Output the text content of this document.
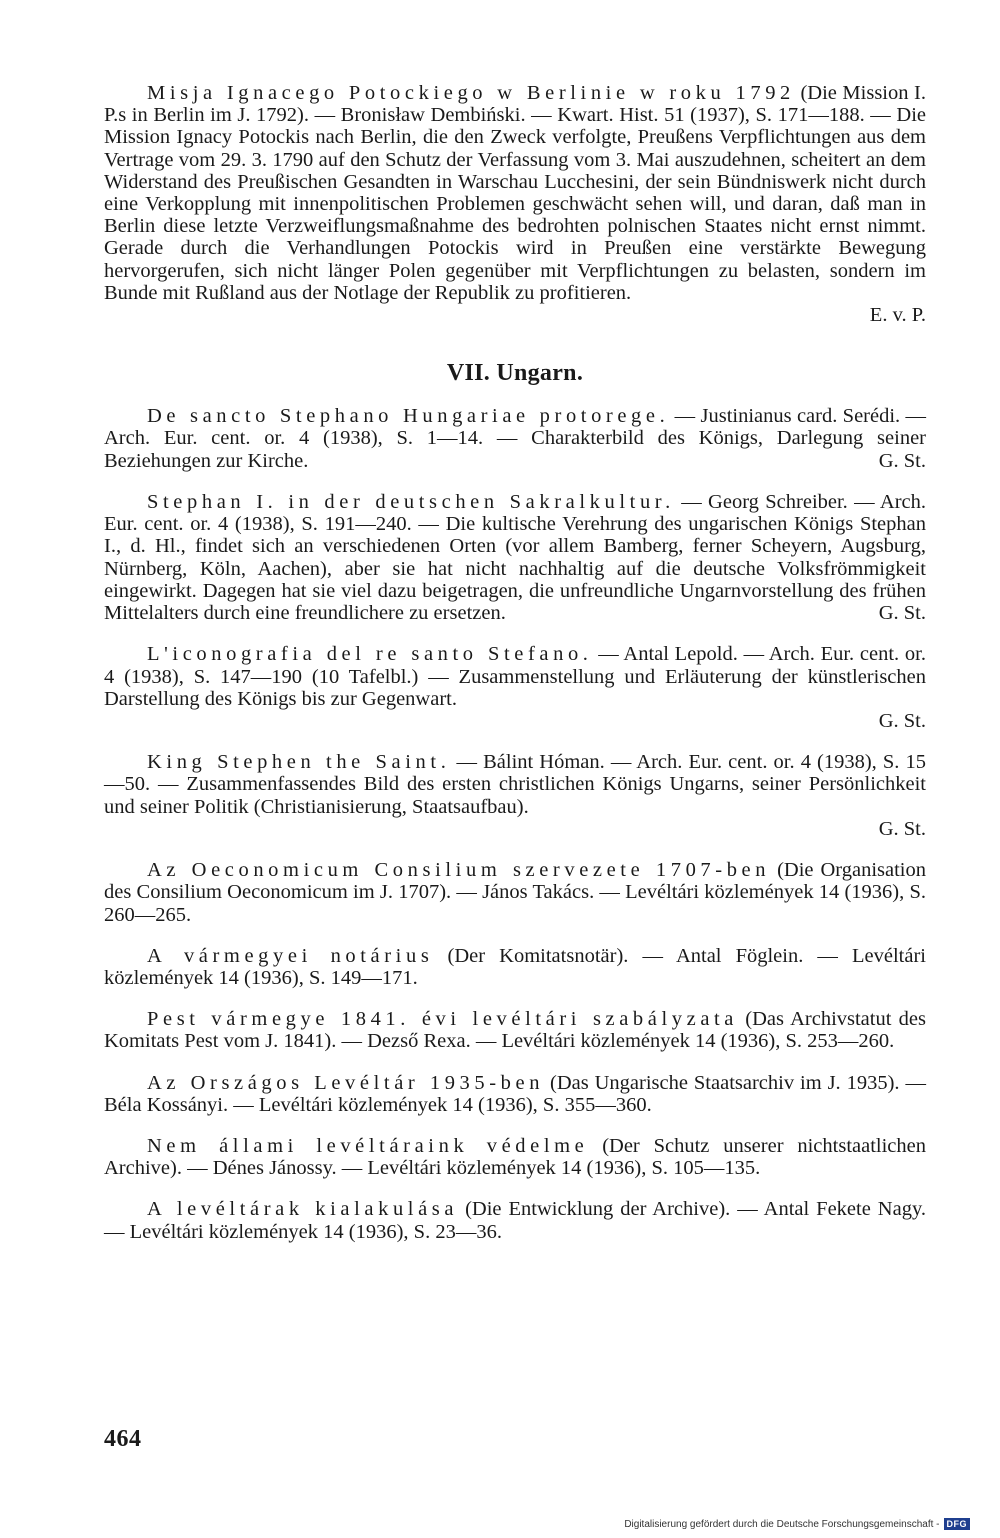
Misja Ignacego Potockiego w Berlinie w roku 1792 (Die Mission I. P.s in Berlin im J. 1792). — Bronisław Dembiński. — Kwart. Hist. 51 (1937), S. 171—188. — Die Mission Ignacy Potockis nach Berlin, die den Zweck verfolgte, Preußens Verpflichtungen aus dem Vertrage vom 29. 3. 1790 auf den Schutz der Verfassung vom 3. Mai auszudehnen, scheitert an dem Widerstand des Preußischen Gesandten in Warschau Lucchesini, der sein Bündniswerk nicht durch eine Verkopplung mit innenpolitischen Problemen geschwächt sehen will, und daran, daß man in Berlin diese letzte Verzweiflungsmaßnahme des bedrohten polnischen Staates nicht ernst nimmt. Gerade durch die Verhandlungen Potockis wird in Preußen eine verstärkte Bewegung hervorgerufen, sich nicht länger Polen gegenüber mit Verpflichtungen zu belasten, sondern im Bunde mit Rußland aus der Notlage der Republik zu profitieren.
E. v. P.

VII. Ungarn.

De sancto Stephano Hungariae protorege. — Justinianus card. Serédi. — Arch. Eur. cent. or. 4 (1938), S. 1—14. — Charakterbild des Königs, Darlegung seiner Beziehungen zur Kirche.	G. St.

Stephan I. in der deutschen Sakralkultur. — Georg Schreiber. — Arch. Eur. cent. or. 4 (1938), S. 191—240. — Die kultische Verehrung des ungarischen Königs Stephan I., d. Hl., findet sich an verschiedenen Orten (vor allem Bamberg, ferner Scheyern, Augsburg, Nürnberg, Köln, Aachen), aber sie hat nicht nachhaltig auf die deutsche Volksfrömmigkeit eingewirkt. Dagegen hat sie viel dazu beigetragen, die unfreundliche Ungarnvorstellung des frühen Mittelalters durch eine freundlichere zu ersetzen.	G. St.

L'iconografia del re santo Stefano. — Antal Lepold. — Arch. Eur. cent. or. 4 (1938), S. 147—190 (10 Tafelbl.) — Zusammenstellung und Erläuterung der künstlerischen Darstellung des Königs bis zur Gegenwart.
G. St.

King Stephen the Saint. — Bálint Hóman. — Arch. Eur. cent. or. 4 (1938), S. 15—50. — Zusammenfassendes Bild des ersten christlichen Königs Ungarns, seiner Persönlichkeit und seiner Politik (Christianisierung, Staatsaufbau).
G. St.

Az Oeconomicum Consilium szervezete 1707-ben (Die Organisation des Consilium Oeconomicum im J. 1707). — János Takács. — Levéltári közlemények 14 (1936), S. 260—265.

A vármegyei notárius (Der Komitatsnotär). — Antal Föglein. — Levéltári közlemények 14 (1936), S. 149—171.

Pest vármegye 1841. évi levéltári szabályzata (Das Archivstatut des Komitats Pest vom J. 1841). — Dezső Rexa. — Levéltári közlemények 14 (1936), S. 253—260.

Az Országos Levéltár 1935-ben (Das Ungarische Staatsarchiv im J. 1935). — Béla Kossányi. — Levéltári közlemények 14 (1936), S. 355—360.

Nem állami levéltáraink védelme (Der Schutz unserer nichtstaatlichen Archive). — Dénes Jánossy. — Levéltári közlemények 14 (1936), S. 105—135.

A levéltárak kialakulása (Die Entwicklung der Archive). — Antal Fekete Nagy. — Levéltári közlemények 14 (1936), S. 23—36.

464
Digitalisierung gefördert durch die Deutsche Forschungsgemeinschaft - DFG
